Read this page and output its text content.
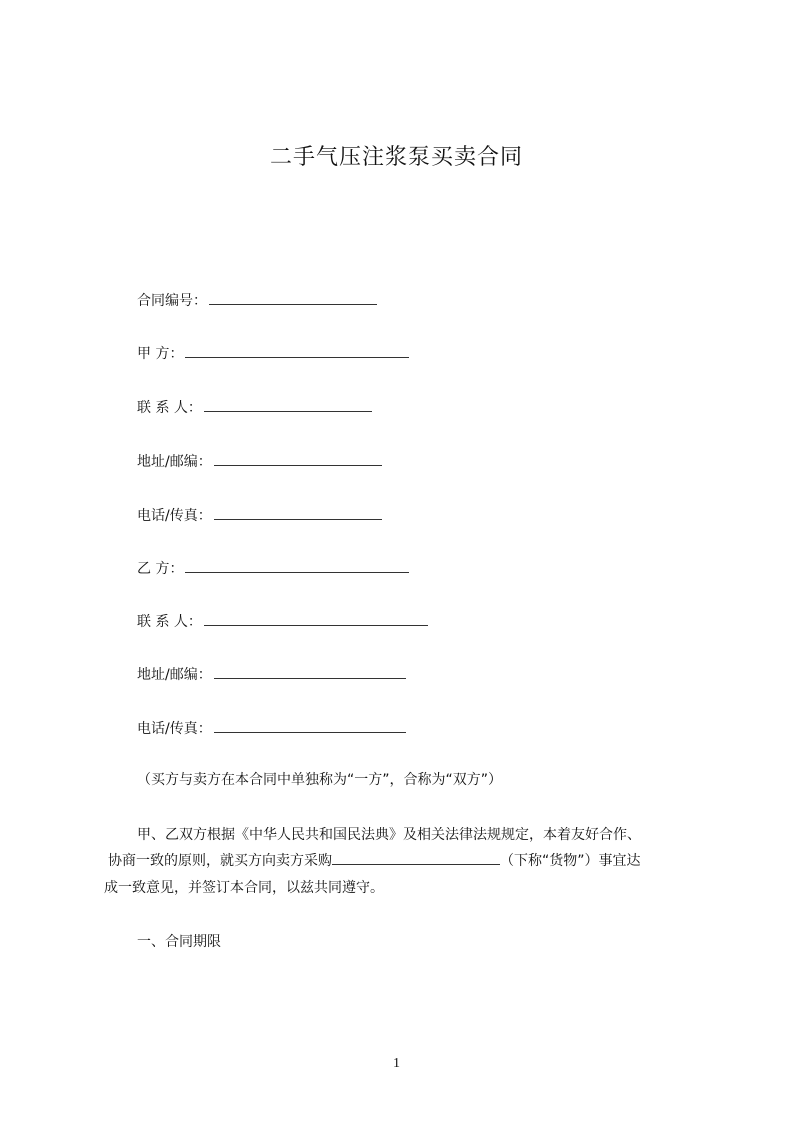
二手气压注浆泵买卖合同
合同编号：
甲 方：
联 系 人：
地址/邮编：
电话/传真：
乙 方：
联 系 人：
地址/邮编：
电话/传真：
（买方与卖方在本合同中单独称为“一方”，合称为“双方”）
甲、乙双方根据《中华人民共和国民法典》及相关法律法规规定，本着友好合作、
协商一致的原则，就买方向卖方采购	（下称“货物”）事宜达
成一致意见，并签订本合同，以兹共同遵守。
一、合同期限
1
